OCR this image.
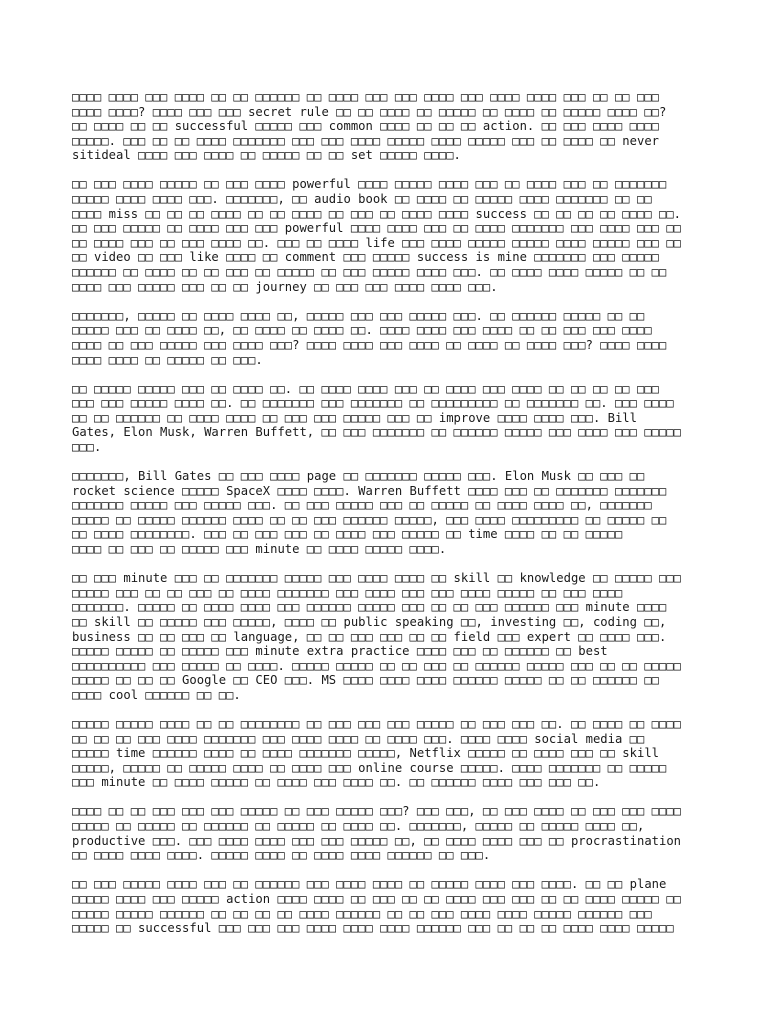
□□□□ □□□□ □□□ □□□□ □□ □□ □□□□□□ □□ □□□□ □□□ □□□ □□□□ □□□ □□□□ □□□□ □□□ □□ □□ □□□
□□□□ □□□□? □□□□ □□□ □□□ secret rule □□ □□ □□□□ □□ □□□□□ □□ □□□□ □□ □□□□□ □□□□ □□?
□□ □□□□ □□ □□ successful □□□□□ □□□ common □□□□ □□ □□ □□ action. □□ □□□ □□□□ □□□□
□□□□□. □□□ □□ □□ □□□□ □□□□□□□ □□□ □□□ □□□□ □□□□□ □□□□ □□□□□ □□□ □□ □□□□ □□ never
sitideal □□□□ □□□ □□□□ □□ □□□□□ □□ □□ set □□□□□ □□□□.

□□ □□□ □□□□ □□□□□ □□ □□□ □□□□ powerful □□□□ □□□□□ □□□□ □□□ □□ □□□□ □□□ □□ □□□□□□□
□□□□□ □□□□ □□□□ □□□. □□□□□□□, □□ audio book □□ □□□□ □□ □□□□□ □□□□ □□□□□□□ □□ □□
□□□□ miss □□ □□ □□ □□□□ □□ □□ □□□□ □□ □□□ □□ □□□□ □□□□ success □□ □□ □□ □□ □□□□ □□.
□□ □□□ □□□□□ □□ □□□□ □□□ □□□ powerful □□□□ □□□□ □□□ □□ □□□□ □□□□□□□ □□□ □□□□ □□□ □□
□□ □□□□ □□□ □□ □□□ □□□□ □□. □□□ □□ □□□□ life □□□ □□□□ □□□□□ □□□□□ □□□□ □□□□□ □□□ □□
□□ video □□ □□□ like □□□□ □□ comment □□□ □□□□□ success is mine □□□□□□□ □□□ □□□□□
□□□□□□ □□ □□□□ □□ □□ □□□ □□ □□□□□ □□ □□□ □□□□□ □□□□ □□□. □□ □□□□ □□□□ □□□□□ □□ □□
□□□□ □□□ □□□□□ □□□ □□ □□ journey □□ □□□ □□□ □□□□ □□□□ □□□.

□□□□□□□, □□□□□ □□ □□□□ □□□□ □□, □□□□□ □□□ □□□ □□□□□ □□□. □□ □□□□□□ □□□□□ □□ □□
□□□□□ □□□ □□ □□□□ □□, □□ □□□□ □□ □□□□ □□. □□□□ □□□□ □□□ □□□□ □□ □□ □□□ □□□ □□□□
□□□□ □□ □□□ □□□□□ □□□ □□□□ □□□? □□□□ □□□□ □□□ □□□□ □□ □□□□ □□ □□□□ □□□? □□□□ □□□□
□□□□ □□□□ □□ □□□□□ □□ □□□.

□□ □□□□□ □□□□□ □□□ □□ □□□□ □□. □□ □□□□ □□□□ □□□ □□ □□□□ □□□ □□□□ □□ □□ □□ □□ □□□
□□□ □□□ □□□□□ □□□□ □□. □□ □□□□□□□ □□□ □□□□□□□ □□ □□□□□□□□□ □□ □□□□□□□ □□. □□□ □□□□
□□ □□ □□□□□□ □□ □□□□ □□□□ □□ □□□ □□□ □□□□□ □□□ □□ improve □□□□ □□□□ □□□. Bill
Gates, Elon Musk, Warren Buffett, □□ □□□ □□□□□□□ □□ □□□□□□ □□□□□ □□□ □□□□ □□□ □□□□□
□□□.

□□□□□□□, Bill Gates □□ □□□ □□□□ page □□ □□□□□□□ □□□□□ □□□. Elon Musk □□ □□□ □□
rocket science □□□□□ SpaceX □□□□ □□□□. Warren Buffett □□□□ □□□ □□ □□□□□□□ □□□□□□□
□□□□□□□ □□□□□ □□□ □□□□□ □□□. □□ □□□ □□□□□ □□□ □□ □□□□□ □□ □□□□ □□□□ □□, □□□□□□□
□□□□□ □□ □□□□□ □□□□□□ □□□□ □□ □□ □□□ □□□□□□ □□□□□, □□□ □□□□ □□□□□□□□□ □□ □□□□□ □□
□□ □□□□ □□□□□□□□. □□□ □□ □□□ □□□ □□ □□□□ □□□ □□□□□ □□ time □□□□ □□ □□ □□□□□
□□□□ □□ □□□ □□ □□□□□ □□□ minute □□ □□□□ □□□□□ □□□□.

□□ □□□ minute □□□ □□ □□□□□□□ □□□□□ □□□ □□□□ □□□□ □□ skill □□ knowledge □□ □□□□□ □□□
□□□□□ □□□ □□ □□ □□□ □□ □□□□ □□□□□□□ □□□ □□□□ □□□ □□□ □□□□ □□□□□ □□ □□□ □□□□
□□□□□□□. □□□□□ □□ □□□□ □□□□ □□□ □□□□□□ □□□□□ □□□ □□ □□ □□□ □□□□□□ □□□ minute □□□□
□□ skill □□ □□□□□ □□□ □□□□□, □□□□ □□ public speaking □□, investing □□, coding □□,
business □□ □□ □□□ □□ language, □□ □□ □□□ □□□ □□ □□ field □□□ expert □□ □□□□ □□□.
□□□□□ □□□□□ □□ □□□□□ □□□ minute extra practice □□□□ □□□ □□ □□□□□□ □□ best
□□□□□□□□□□ □□□ □□□□□ □□ □□□□. □□□□□ □□□□□ □□ □□ □□□ □□ □□□□□□ □□□□□ □□□ □□ □□ □□□□□
□□□□□ □□ □□ □□ Google □□ CEO □□□. MS □□□□ □□□□ □□□□ □□□□□□ □□□□□ □□ □□ □□□□□□ □□
□□□□ cool □□□□□□ □□ □□.

□□□□□ □□□□□ □□□□ □□ □□ □□□□□□□□ □□ □□□ □□□ □□□ □□□□□ □□ □□□ □□□ □□. □□ □□□□ □□ □□□□
□□ □□ □□ □□□ □□□□ □□□□□□□ □□□ □□□□ □□□□ □□ □□□□ □□□. □□□□ □□□□ social media □□
□□□□□ time □□□□□□ □□□□ □□ □□□□ □□□□□□□ □□□□□, Netflix □□□□□ □□ □□□□ □□□ □□ skill
□□□□□, □□□□□ □□ □□□□□ □□□□ □□ □□□□ □□□ online course □□□□□. □□□□ □□□□□□□ □□ □□□□□
□□□ minute □□ □□□□ □□□□□ □□ □□□□ □□□ □□□□ □□. □□ □□□□□□ □□□□ □□□ □□□ □□.

□□□□ □□ □□ □□□ □□□ □□□ □□□□□ □□ □□□ □□□□□ □□□? □□□ □□□, □□ □□□ □□□□ □□ □□□ □□□ □□□□
□□□□□ □□ □□□□□ □□ □□□□□□ □□ □□□□□ □□ □□□□ □□. □□□□□□□, □□□□□ □□ □□□□□ □□□□ □□,
productive □□□. □□□ □□□□ □□□□ □□□ □□□ □□□□□ □□, □□ □□□□ □□□□ □□□ □□ procrastination
□□ □□□□ □□□□ □□□□. □□□□□ □□□□ □□ □□□□ □□□□ □□□□□□ □□ □□□.

□□ □□□ □□□□□ □□□□ □□□ □□ □□□□□□ □□□ □□□□ □□□□ □□ □□□□□ □□□□ □□□ □□□□. □□ □□ plane
□□□□□ □□□□ □□□ □□□□□ action □□□□ □□□□ □□ □□□ □□ □□ □□□□ □□□ □□□ □□ □□ □□□□ □□□□□ □□
□□□□□ □□□□□ □□□□□□ □□ □□ □□ □□ □□□□ □□□□□□ □□ □□ □□□ □□□□ □□□□ □□□□□ □□□□□□ □□□
□□□□□ □□ successful □□□ □□□ □□□ □□□□ □□□□ □□□□ □□□□□□ □□□ □□ □□ □□ □□□□ □□□□ □□□□□
